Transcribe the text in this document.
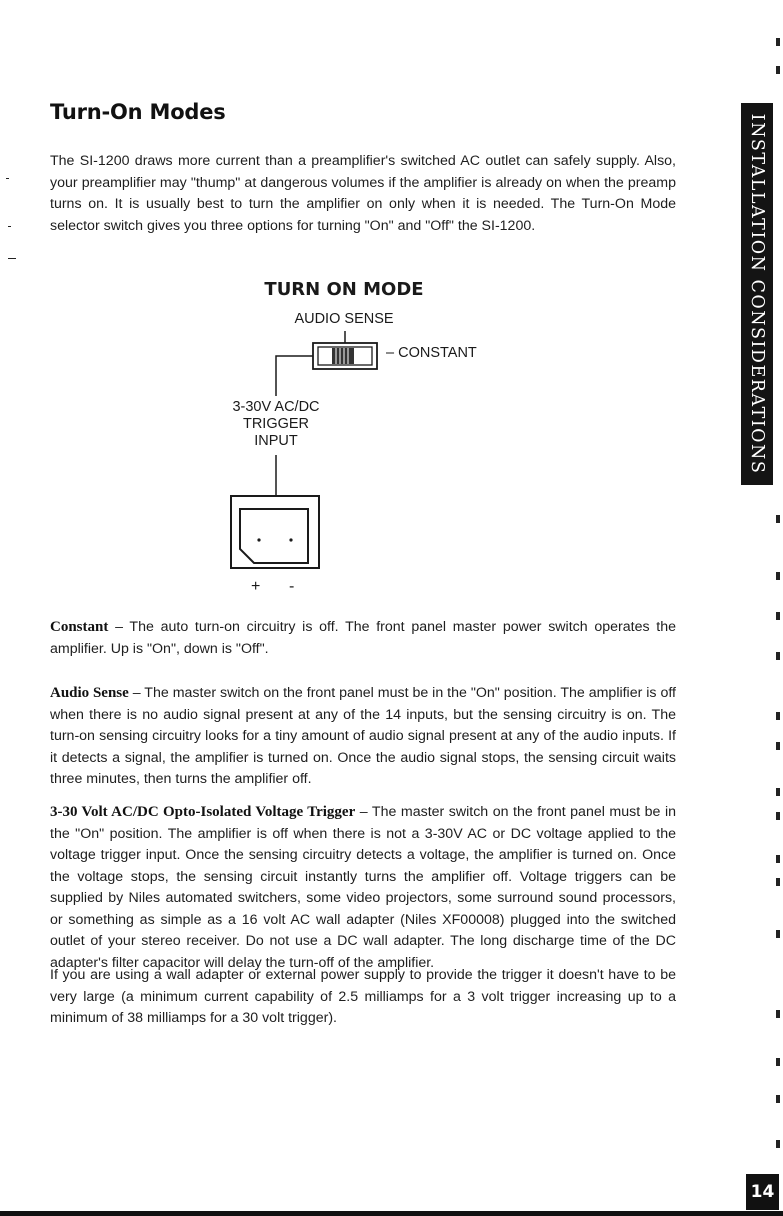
Turn-On Modes

The SI-1200 draws more current than a preamplifier's switched AC outlet can safely supply. Also, your preamplifier may "thump" at dangerous volumes if the amplifier is already on when the preamp turns on. It is usually best to turn the amplifier on only when it is needed. The Turn-On Mode selector switch gives you three options for turning "On" and "Off" the SI-1200.

TURN ON MODE
AUDIO SENSE
– CONSTANT
3-30V AC/DC
TRIGGER
INPUT
+ -

Constant – The auto turn-on circuitry is off. The front panel master power switch operates the amplifier. Up is "On", down is "Off".

Audio Sense – The master switch on the front panel must be in the "On" position. The amplifier is off when there is no audio signal present at any of the 14 inputs, but the sensing circuitry is on. The turn-on sensing circuitry looks for a tiny amount of audio signal present at any of the audio inputs. If it detects a signal, the amplifier is turned on. Once the audio signal stops, the sensing circuit waits three minutes, then turns the amplifier off.

3-30 Volt AC/DC Opto-Isolated Voltage Trigger – The master switch on the front panel must be in the "On" position. The amplifier is off when there is not a 3-30V AC or DC voltage applied to the voltage trigger input. Once the sensing circuitry detects a voltage, the amplifier is turned on. Once the voltage stops, the sensing circuit instantly turns the amplifier off. Voltage triggers can be supplied by Niles automated switchers, some video projectors, some surround sound processors, or something as simple as a 16 volt AC wall adapter (Niles XF00008) plugged into the switched outlet of your stereo receiver. Do not use a DC wall adapter. The long discharge time of the DC adapter's filter capacitor will delay the turn-off of the amplifier.

If you are using a wall adapter or external power supply to provide the trigger it doesn't have to be very large (a minimum current capability of 2.5 milliamps for a 3 volt trigger increasing up to a minimum of 38 milliamps for a 30 volt trigger).

INSTALLATION CONSIDERATIONS
14
